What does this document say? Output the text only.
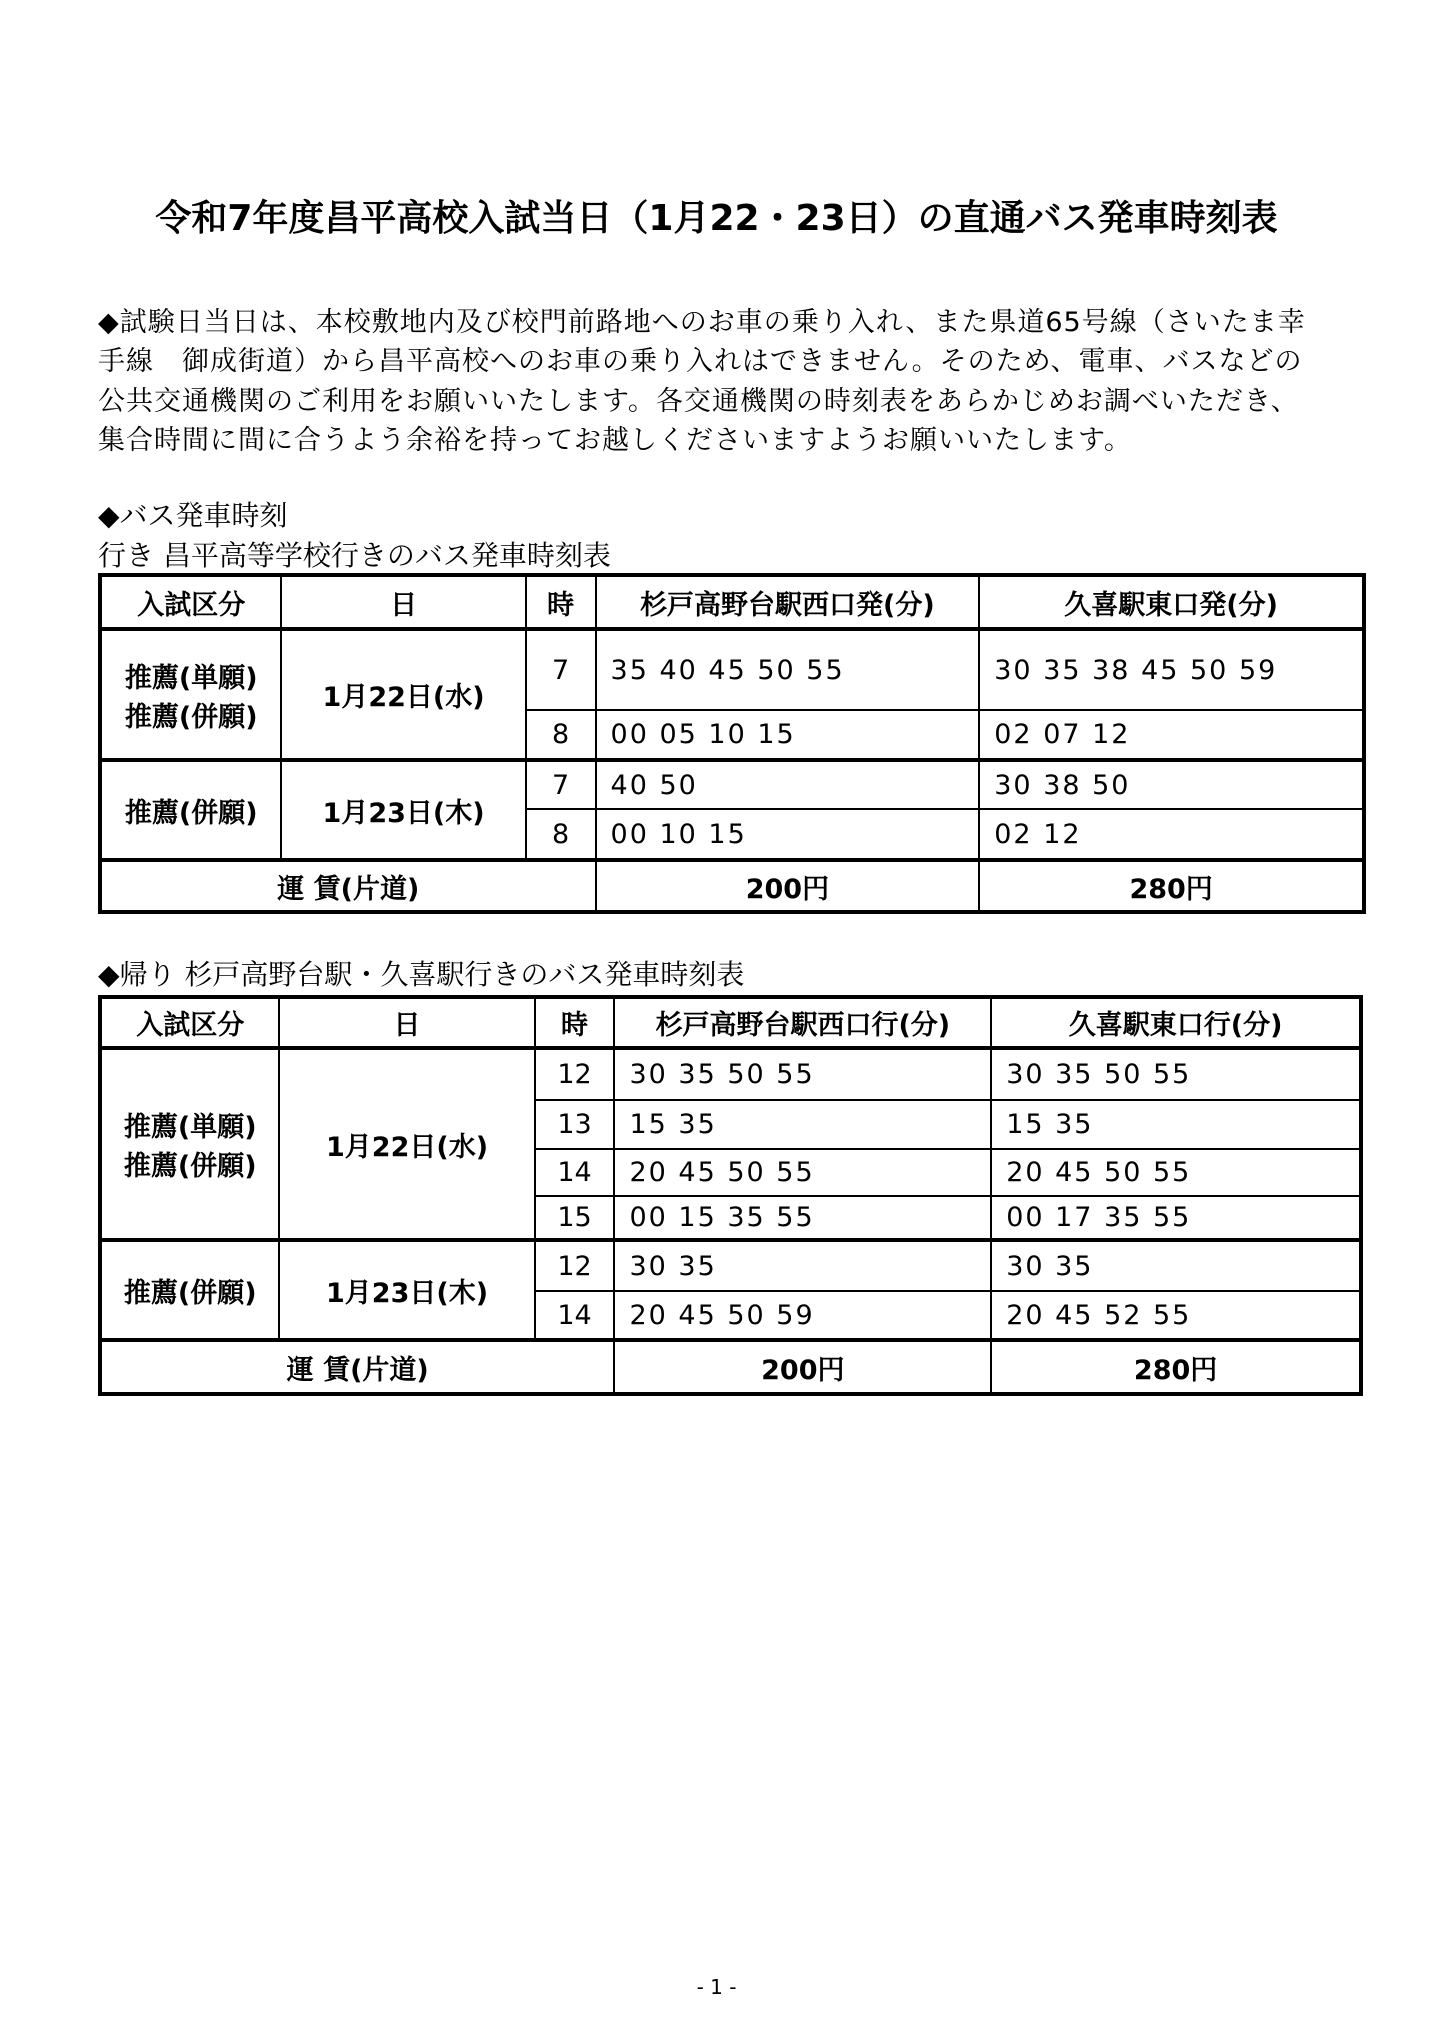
令和7年度昌平高校入試当日（1月22・23日）の直通バス発車時刻表
◆試験日当日は、本校敷地内及び校門前路地へのお車の乗り入れ、また県道65号線（さいたま幸
手線　御成街道）から昌平高校へのお車の乗り入れはできません。そのため、電車、バスなどの
公共交通機関のご利用をお願いいたします。各交通機関の時刻表をあらかじめお調べいただき、
集合時間に間に合うよう余裕を持ってお越しくださいますようお願いいたします。
◆バス発車時刻
行き 昌平高等学校行きのバス発車時刻表
入試区分	日	時	杉戸高野台駅西口発(分)	久喜駅東口発(分)
推薦(単願)
推薦(併願)	1月22日(水)	7	35 40 45 50 55	30 35 38 45 50 59
		8	00 05 10 15	02 07 12
推薦(併願)	1月23日(木)	7	40 50	30 38 50
		8	00 10 15	02 12
運 賃(片道)			200円	280円
◆帰り 杉戸高野台駅・久喜駅行きのバス発車時刻表
入試区分	日	時	杉戸高野台駅西口行(分)	久喜駅東口行(分)
推薦(単願)
推薦(併願)	1月22日(水)	12	30 35 50 55	30 35 50 55
		13	15 35	15 35
		14	20 45 50 55	20 45 50 55
		15	00 15 35 55	00 17 35 55
推薦(併願)	1月23日(木)	12	30 35	30 35
		14	20 45 50 59	20 45 52 55
運 賃(片道)			200円	280円
- 1 -
